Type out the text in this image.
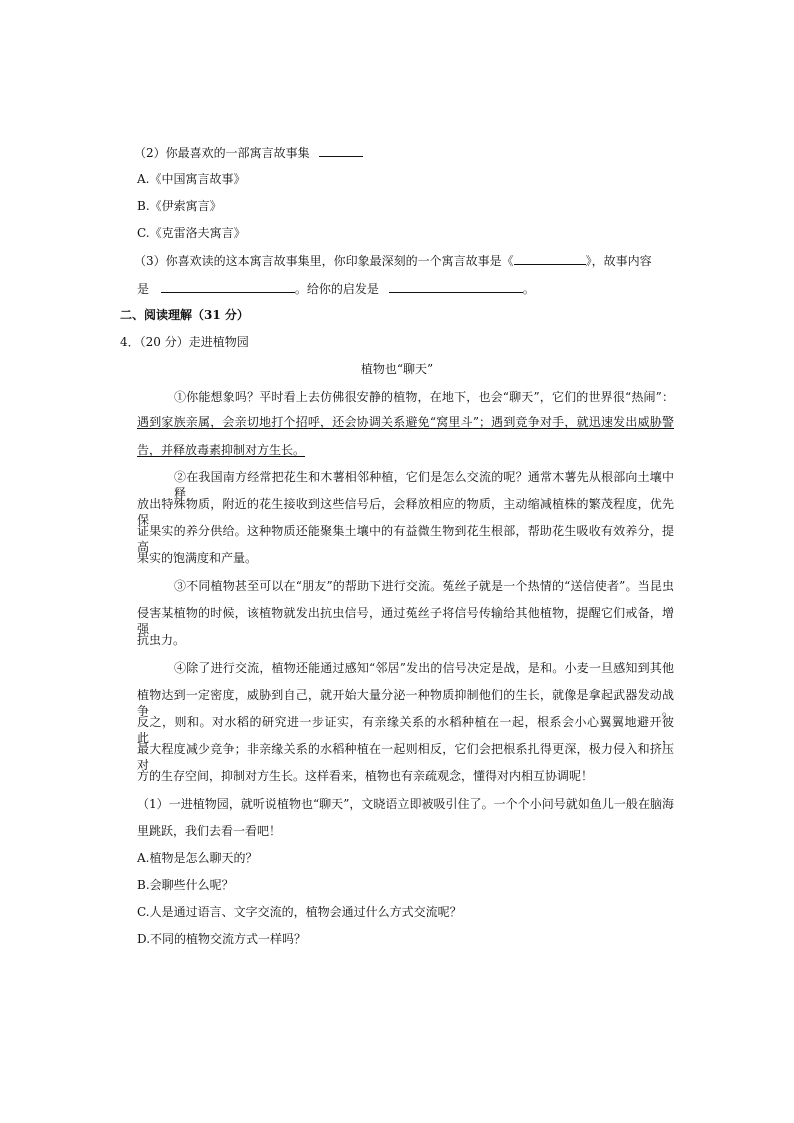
（2）你最喜欢的一部寓言故事集
A.《中国寓言故事》
B.《伊索寓言》
C.《克雷洛夫寓言》
（3）你喜欢读的这本寓言故事集里，你印象最深刻的一个寓言故事是《	》，故事内容
是	。给你的启发是	。
二、阅读理解（31 分）
4．（20 分）走进植物园
植物也“聊天”
①你能想象吗？平时看上去仿佛很安静的植物，在地下，也会“聊天”，它们的世界很“热闹”：
遇到家族亲属，会亲切地打个招呼，还会协调关系避免“窝里斗”；遇到竞争对手，就迅速发出威胁警
告，并释放毒素抑制对方生长。
②在我国南方经常把花生和木薯相邻种植，它们是怎么交流的呢？通常木薯先从根部向土壤中释
放出特殊物质，附近的花生接收到这些信号后，会释放相应的物质，主动缩减植株的繁茂程度，优先保
证果实的养分供给。这种物质还能聚集土壤中的有益微生物到花生根部，帮助花生吸收有效养分，提高
果实的饱满度和产量。
③不同植物甚至可以在“朋友”的帮助下进行交流。菟丝子就是一个热情的“送信使者”。当昆虫
侵害某植物的时候，该植物就发出抗虫信号，通过菟丝子将信号传输给其他植物，提醒它们戒备，增强
抗虫力。
④除了进行交流，植物还能通过感知“邻居”发出的信号决定是战，是和。小麦一旦感知到其他
植物达到一定密度，威胁到自己，就开始大量分泌一种物质抑制他们的生长，就像是拿起武器发动战争。
反之，则和。对水稻的研究进一步证实，有亲缘关系的水稻种植在一起，根系会小心翼翼地避开彼此，
最大程度减少竞争；非亲缘关系的水稻种植在一起则相反，它们会把根系扎得更深，极力侵入和挤压对
方的生存空间，抑制对方生长。这样看来，植物也有亲疏观念，懂得对内相互协调呢！
（1）一进植物园，就听说植物也“聊天”，文晓语立即被吸引住了。一个个小问号就如鱼儿一般在脑海
里跳跃，我们去看一看吧！
A.植物是怎么聊天的？
B.会聊些什么呢？
C.人是通过语言、文字交流的，植物会通过什么方式交流呢？
D.不同的植物交流方式一样吗？
